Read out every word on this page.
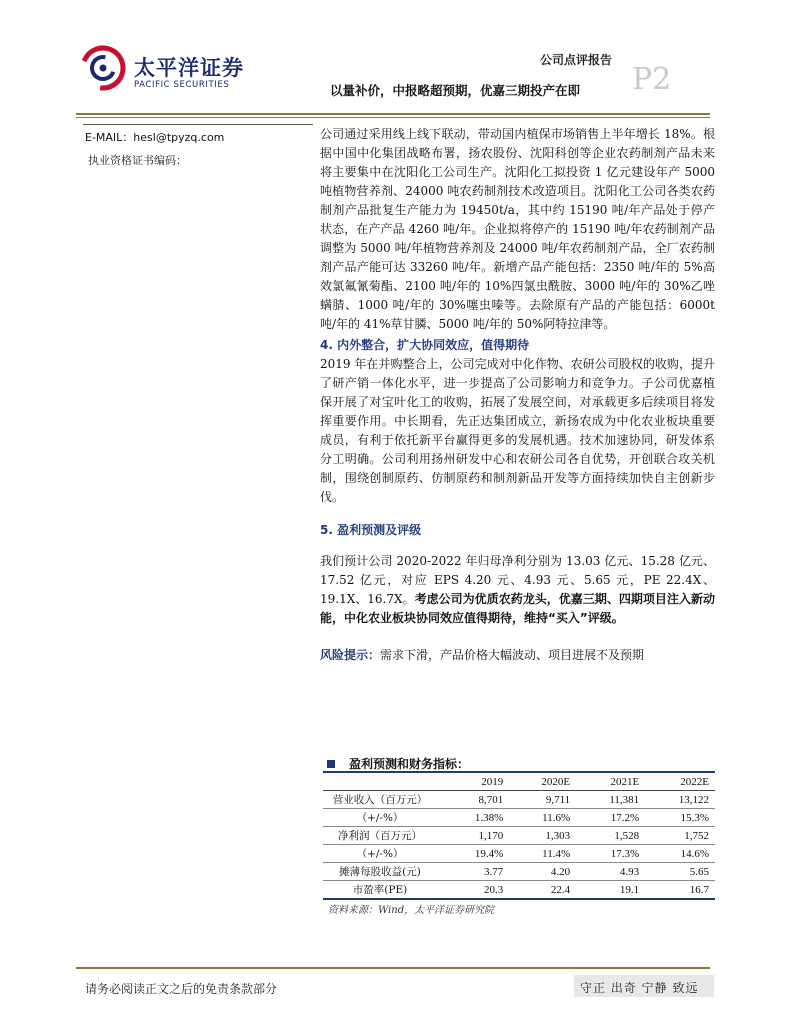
太平洋证券
PACIFIC SECURITIES
公司点评报告
以量补价，中报略超预期，优嘉三期投产在即 P2
E-MAIL：hesl@tpyzq.com
执业资格证书编码：

公司通过采用线上线下联动，带动国内植保市场销售上半年增长 18%。根据中国中化集团战略布署，扬农股份、沈阳科创等企业农药制剂产品未来将主要集中在沈阳化工公司生产。沈阳化工拟投资 1 亿元建设年产 5000 吨植物营养剂、24000 吨农药制剂技术改造项目。沈阳化工公司各类农药制剂产品批复生产能力为 19450t/a，其中约 15190 吨/年产品处于停产状态，在产产品 4260 吨/年。企业拟将停产的 15190 吨/年农药制剂产品调整为 5000 吨/年植物营养剂及 24000 吨/年农药制剂产品，全厂农药制剂产品产能可达 33260 吨/年。新增产品产能包括：2350 吨/年的 5%高效氯氟氰菊酯、2100 吨/年的 10%四氯虫酰胺、3000 吨/年的 30%乙唑螨腈、1000 吨/年的 30%噻虫嗪等。去除原有产品的产能包括：6000t 吨/年的 41%草甘膦、5000 吨/年的 50%阿特拉津等。

4. 内外整合，扩大协同效应，值得期待

2019 年在并购整合上，公司完成对中化作物、农研公司股权的收购，提升了研产销一体化水平，进一步提高了公司影响力和竞争力。子公司优嘉植保开展了对宝叶化工的收购，拓展了发展空间，对承载更多后续项目将发挥重要作用。中长期看，先正达集团成立，新扬农成为中化农业板块重要成员，有利于依托新平台赢得更多的发展机遇。技术加速协同，研发体系分工明确。公司利用扬州研发中心和农研公司各自优势，开创联合攻关机制，围绕创制原药、仿制原药和制剂新品开发等方面持续加快自主创新步伐。

5. 盈利预测及评级

我们预计公司 2020-2022 年归母净利分别为 13.03 亿元、15.28 亿元、17.52 亿元，对应 EPS 4.20 元、4.93 元、5.65 元，PE 22.4X、19.1X、16.7X。考虑公司为优质农药龙头，优嘉三期、四期项目注入新动能，中化农业板块协同效应值得期待，维持“买入”评级。

风险提示：需求下滑，产品价格大幅波动、项目进展不及预期

盈利预测和财务指标：
	2019	2020E	2021E	2022E
营业收入（百万元）	8,701	9,711	11,381	13,122
（+/-%）	1.38%	11.6%	17.2%	15.3%
净利润（百万元）	1,170	1,303	1,528	1,752
（+/-%）	19.4%	11.4%	17.3%	14.6%
摊薄每股收益(元)	3.77	4.20	4.93	5.65
市盈率(PE)	20.3	22.4	19.1	16.7
资料来源：Wind，太平洋证券研究院
请务必阅读正文之后的免责条款部分	守正 出奇 宁静 致远
